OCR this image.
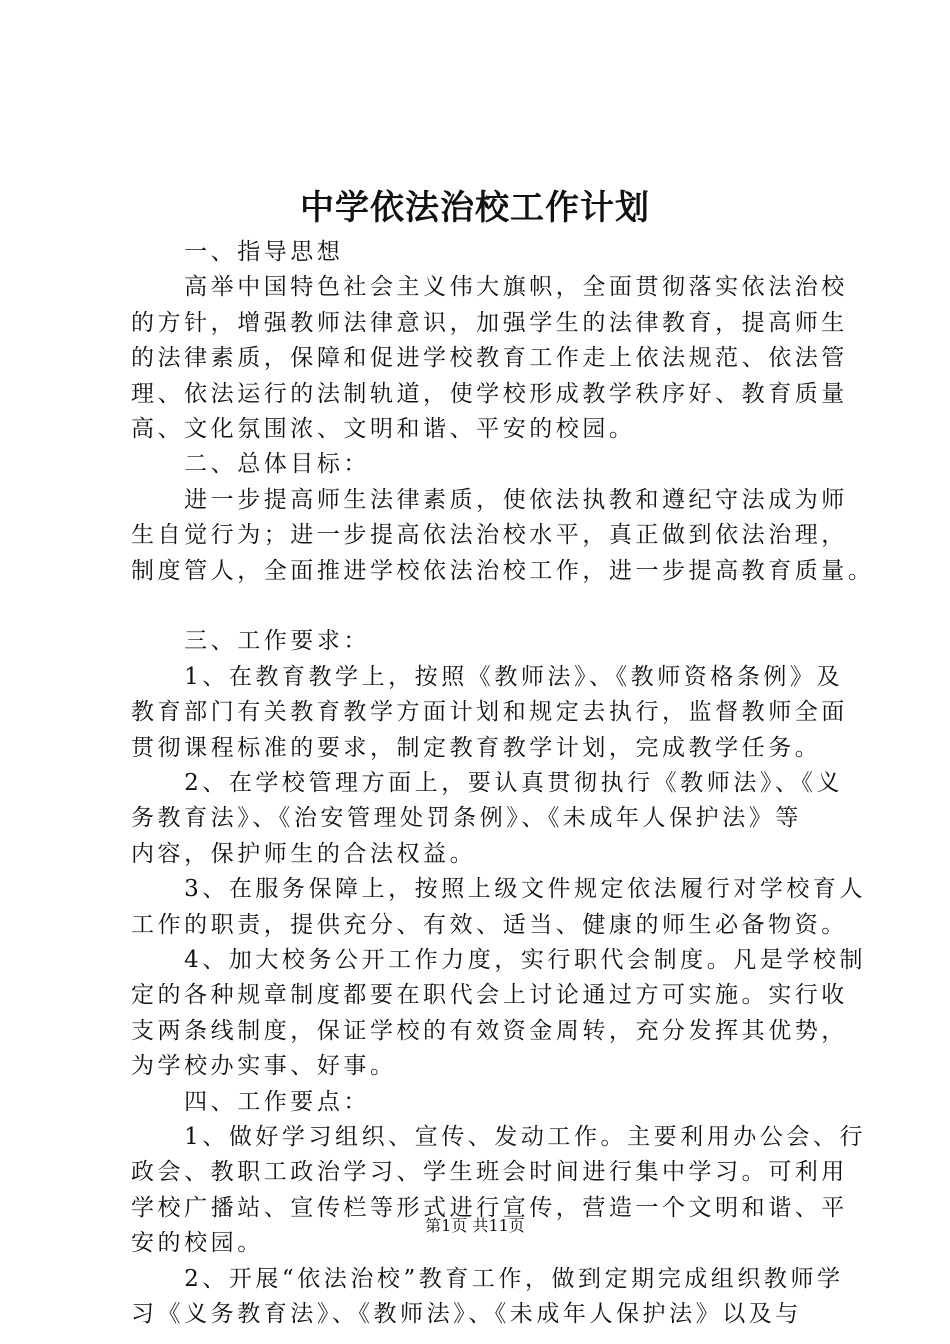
中学依法治校工作计划
　　一、指导思想
　　高举中国特色社会主义伟大旗帜，全面贯彻落实依法治校
的方针，增强教师法律意识，加强学生的法律教育，提高师生
的法律素质，保障和促进学校教育工作走上依法规范、依法管
理、依法运行的法制轨道，使学校形成教学秩序好、教育质量
高、文化氛围浓、文明和谐、平安的校园。
　　二、总体目标：
　　进一步提高师生法律素质，使依法执教和遵纪守法成为师
生自觉行为；进一步提高依法治校水平，真正做到依法治理，
制度管人，全面推进学校依法治校工作，进一步提高教育质量。
　　三、工作要求：
　　1、在教育教学上，按照《教师法》、《教师资格条例》及
教育部门有关教育教学方面计划和规定去执行，监督教师全面
贯彻课程标准的要求，制定教育教学计划，完成教学任务。
　　2、在学校管理方面上，要认真贯彻执行《教师法》、《义
务教育法》、《治安管理处罚条例》、《未成年人保护法》等
内容，保护师生的合法权益。
　　3、在服务保障上，按照上级文件规定依法履行对学校育人
工作的职责，提供充分、有效、适当、健康的师生必备物资。
　　4、加大校务公开工作力度，实行职代会制度。凡是学校制
定的各种规章制度都要在职代会上讨论通过方可实施。实行收
支两条线制度，保证学校的有效资金周转，充分发挥其优势，
为学校办实事、好事。
　　四、工作要点：
　　1、做好学习组织、宣传、发动工作。主要利用办公会、行
政会、教职工政治学习、学生班会时间进行集中学习。可利用
学校广播站、宣传栏等形式进行宣传，营造一个文明和谐、平
安的校园。
　　2、开展“依法治校”教育工作，做到定期完成组织教师学
习《义务教育法》、《教师法》、《未成年人保护法》以及与
第1页 共11页
